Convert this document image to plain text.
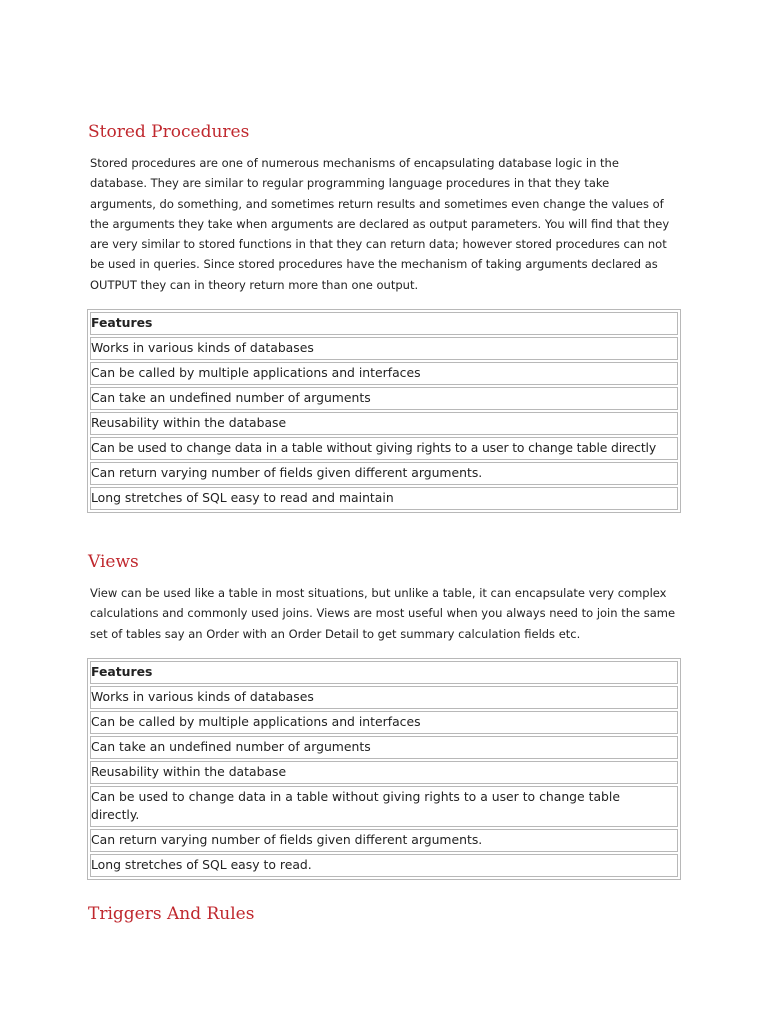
Stored Procedures

Stored procedures are one of numerous mechanisms of encapsulating database logic in the database. They are similar to regular programming language procedures in that they take arguments, do something, and sometimes return results and sometimes even change the values of the arguments they take when arguments are declared as output parameters. You will find that they are very similar to stored functions in that they can return data; however stored procedures can not be used in queries. Since stored procedures have the mechanism of taking arguments declared as OUTPUT they can in theory return more than one output.

Features
Works in various kinds of databases
Can be called by multiple applications and interfaces
Can take an undefined number of arguments
Reusability within the database
Can be used to change data in a table without giving rights to a user to change table directly
Can return varying number of fields given different arguments.
Long stretches of SQL easy to read and maintain
Views

View can be used like a table in most situations, but unlike a table, it can encapsulate very complex calculations and commonly used joins. Views are most useful when you always need to join the same set of tables say an Order with an Order Detail to get summary calculation fields etc.

Features
Works in various kinds of databases
Can be called by multiple applications and interfaces
Can take an undefined number of arguments
Reusability within the database
Can be used to change data in a table without giving rights to a user to change table directly.
Can return varying number of fields given different arguments.
Long stretches of SQL easy to read.
Triggers And Rules
